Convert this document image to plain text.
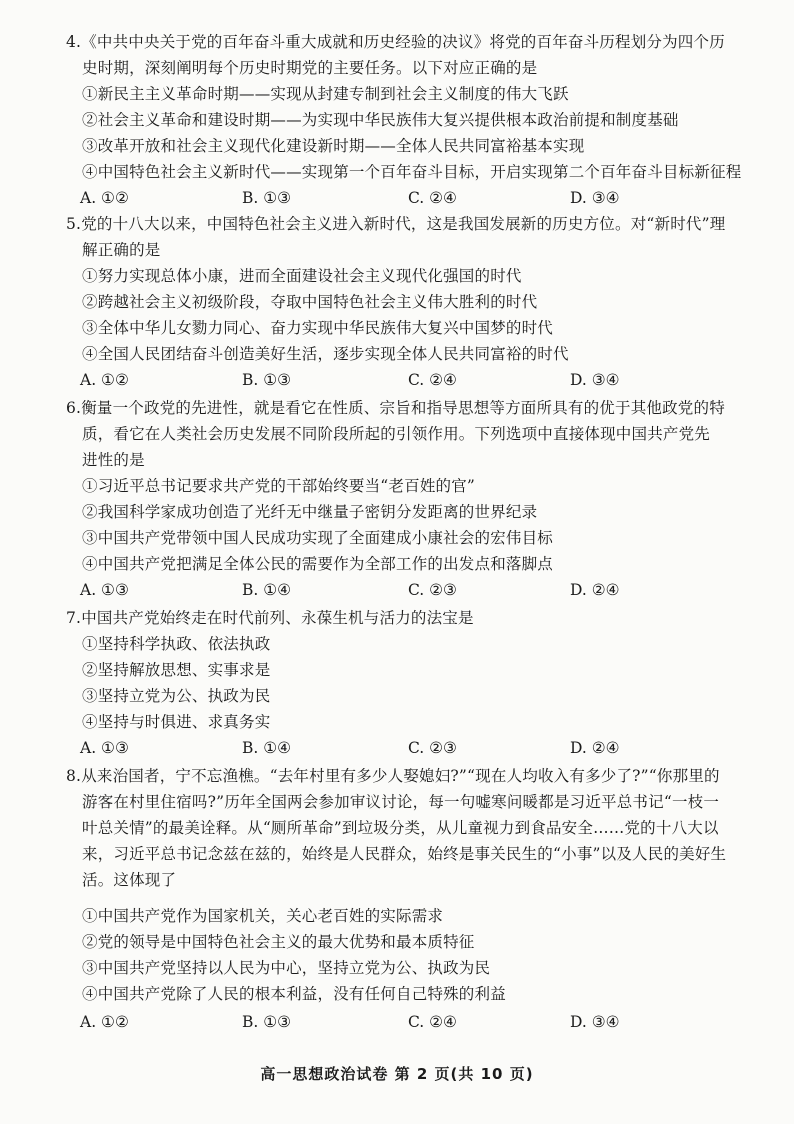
4.《中共中央关于党的百年奋斗重大成就和历史经验的决议》将党的百年奋斗历程划分为四个历
史时期，深刻阐明每个历史时期党的主要任务。以下对应正确的是
①新民主主义革命时期——实现从封建专制到社会主义制度的伟大飞跃
②社会主义革命和建设时期——为实现中华民族伟大复兴提供根本政治前提和制度基础
③改革开放和社会主义现代化建设新时期——全体人民共同富裕基本实现
④中国特色社会主义新时代——实现第一个百年奋斗目标，开启实现第二个百年奋斗目标新征程
A. ①②	B. ①③	C. ②④	D. ③④
5.党的十八大以来，中国特色社会主义进入新时代，这是我国发展新的历史方位。对“新时代”理
解正确的是
①努力实现总体小康，进而全面建设社会主义现代化强国的时代
②跨越社会主义初级阶段，夺取中国特色社会主义伟大胜利的时代
③全体中华儿女勠力同心、奋力实现中华民族伟大复兴中国梦的时代
④全国人民团结奋斗创造美好生活，逐步实现全体人民共同富裕的时代
A. ①②	B. ①③	C. ②④	D. ③④
6.衡量一个政党的先进性，就是看它在性质、宗旨和指导思想等方面所具有的优于其他政党的特
质，看它在人类社会历史发展不同阶段所起的引领作用。下列选项中直接体现中国共产党先
进性的是
①习近平总书记要求共产党的干部始终要当“老百姓的官”
②我国科学家成功创造了光纤无中继量子密钥分发距离的世界纪录
③中国共产党带领中国人民成功实现了全面建成小康社会的宏伟目标
④中国共产党把满足全体公民的需要作为全部工作的出发点和落脚点
A. ①③	B. ①④	C. ②③	D. ②④
7.中国共产党始终走在时代前列、永葆生机与活力的法宝是
①坚持科学执政、依法执政
②坚持解放思想、实事求是
③坚持立党为公、执政为民
④坚持与时俱进、求真务实
A. ①③	B. ①④	C. ②③	D. ②④
8.从来治国者，宁不忘渔樵。“去年村里有多少人娶媳妇?”“现在人均收入有多少了?”“你那里的
游客在村里住宿吗?”历年全国两会参加审议讨论，每一句嘘寒问暖都是习近平总书记“一枝一
叶总关情”的最美诠释。从“厕所革命”到垃圾分类，从儿童视力到食品安全……党的十八大以
来，习近平总书记念兹在兹的，始终是人民群众，始终是事关民生的“小事”以及人民的美好生
活。这体现了
①中国共产党作为国家机关，关心老百姓的实际需求
②党的领导是中国特色社会主义的最大优势和最本质特征
③中国共产党坚持以人民为中心，坚持立党为公、执政为民
④中国共产党除了人民的根本利益，没有任何自己特殊的利益
A. ①②	B. ①③	C. ②④	D. ③④
高一思想政治试卷 第 2 页(共 10 页)
